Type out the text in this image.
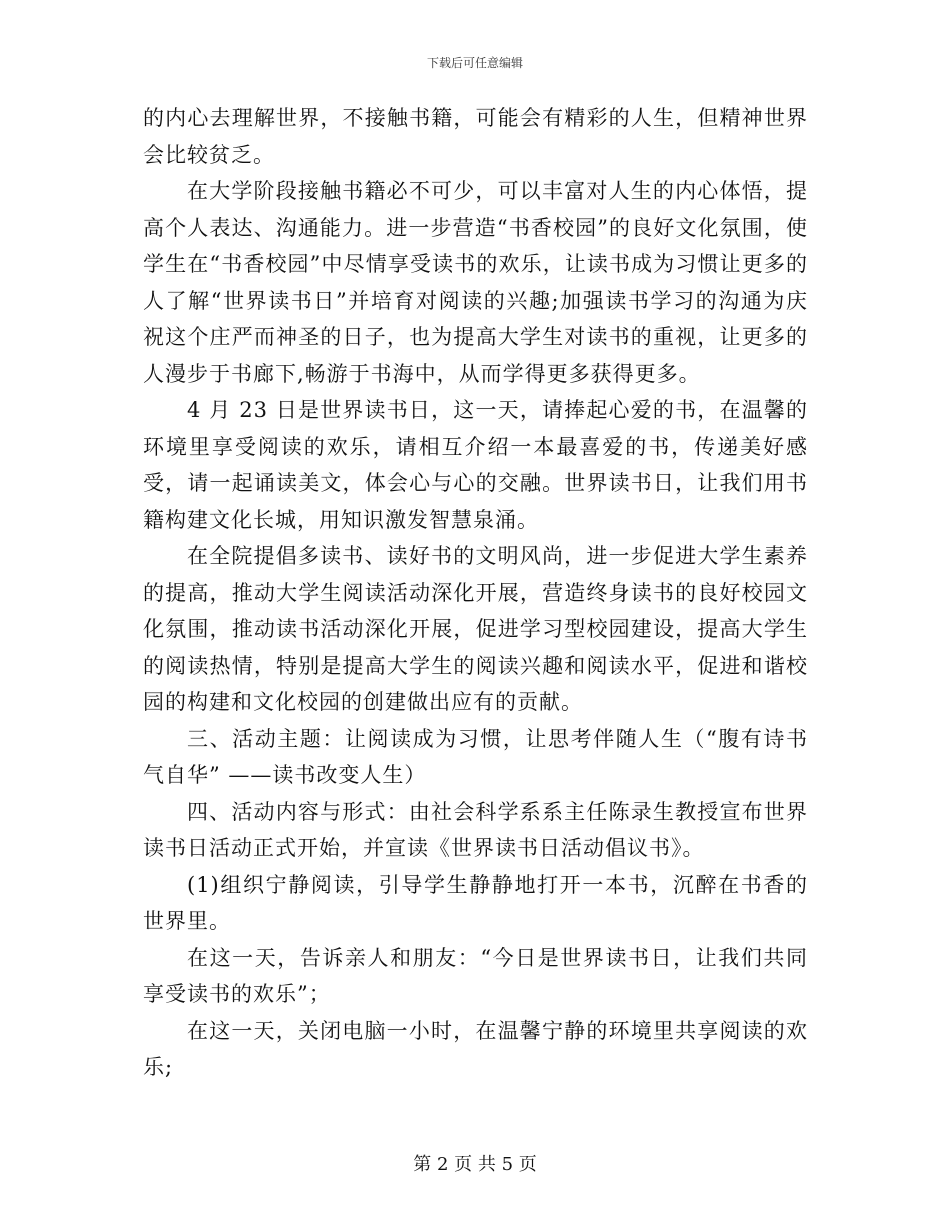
下载后可任意编辑

的内心去理解世界，不接触书籍，可能会有精彩的人生，但精神世界会比较贫乏。

在大学阶段接触书籍必不可少，可以丰富对人生的内心体悟，提高个人表达、沟通能力。进一步营造“书香校园”的良好文化氛围，使学生在“书香校园”中尽情享受读书的欢乐，让读书成为习惯让更多的人了解“世界读书日”并培育对阅读的兴趣;加强读书学习的沟通为庆祝这个庄严而神圣的日子，也为提高大学生对读书的重视，让更多的人漫步于书廊下,畅游于书海中，从而学得更多获得更多。

4 月 23 日是世界读书日，这一天，请捧起心爱的书，在温馨的环境里享受阅读的欢乐，请相互介绍一本最喜爱的书，传递美好感受，请一起诵读美文，体会心与心的交融。世界读书日，让我们用书籍构建文化长城，用知识激发智慧泉涌。

在全院提倡多读书、读好书的文明风尚，进一步促进大学生素养的提高，推动大学生阅读活动深化开展，营造终身读书的良好校园文化氛围，推动读书活动深化开展，促进学习型校园建设，提高大学生的阅读热情，特别是提高大学生的阅读兴趣和阅读水平，促进和谐校园的构建和文化校园的创建做出应有的贡献。

三、活动主题：让阅读成为习惯，让思考伴随人生（“腹有诗书气自华” ——读书改变人生）

四、活动内容与形式：由社会科学系系主任陈录生教授宣布世界读书日活动正式开始，并宣读《世界读书日活动倡议书》。

(1)组织宁静阅读，引导学生静静地打开一本书，沉醉在书香的世界里。

在这一天，告诉亲人和朋友：“今日是世界读书日，让我们共同享受读书的欢乐”；

在这一天，关闭电脑一小时，在温馨宁静的环境里共享阅读的欢乐;

第 2 页 共 5 页
